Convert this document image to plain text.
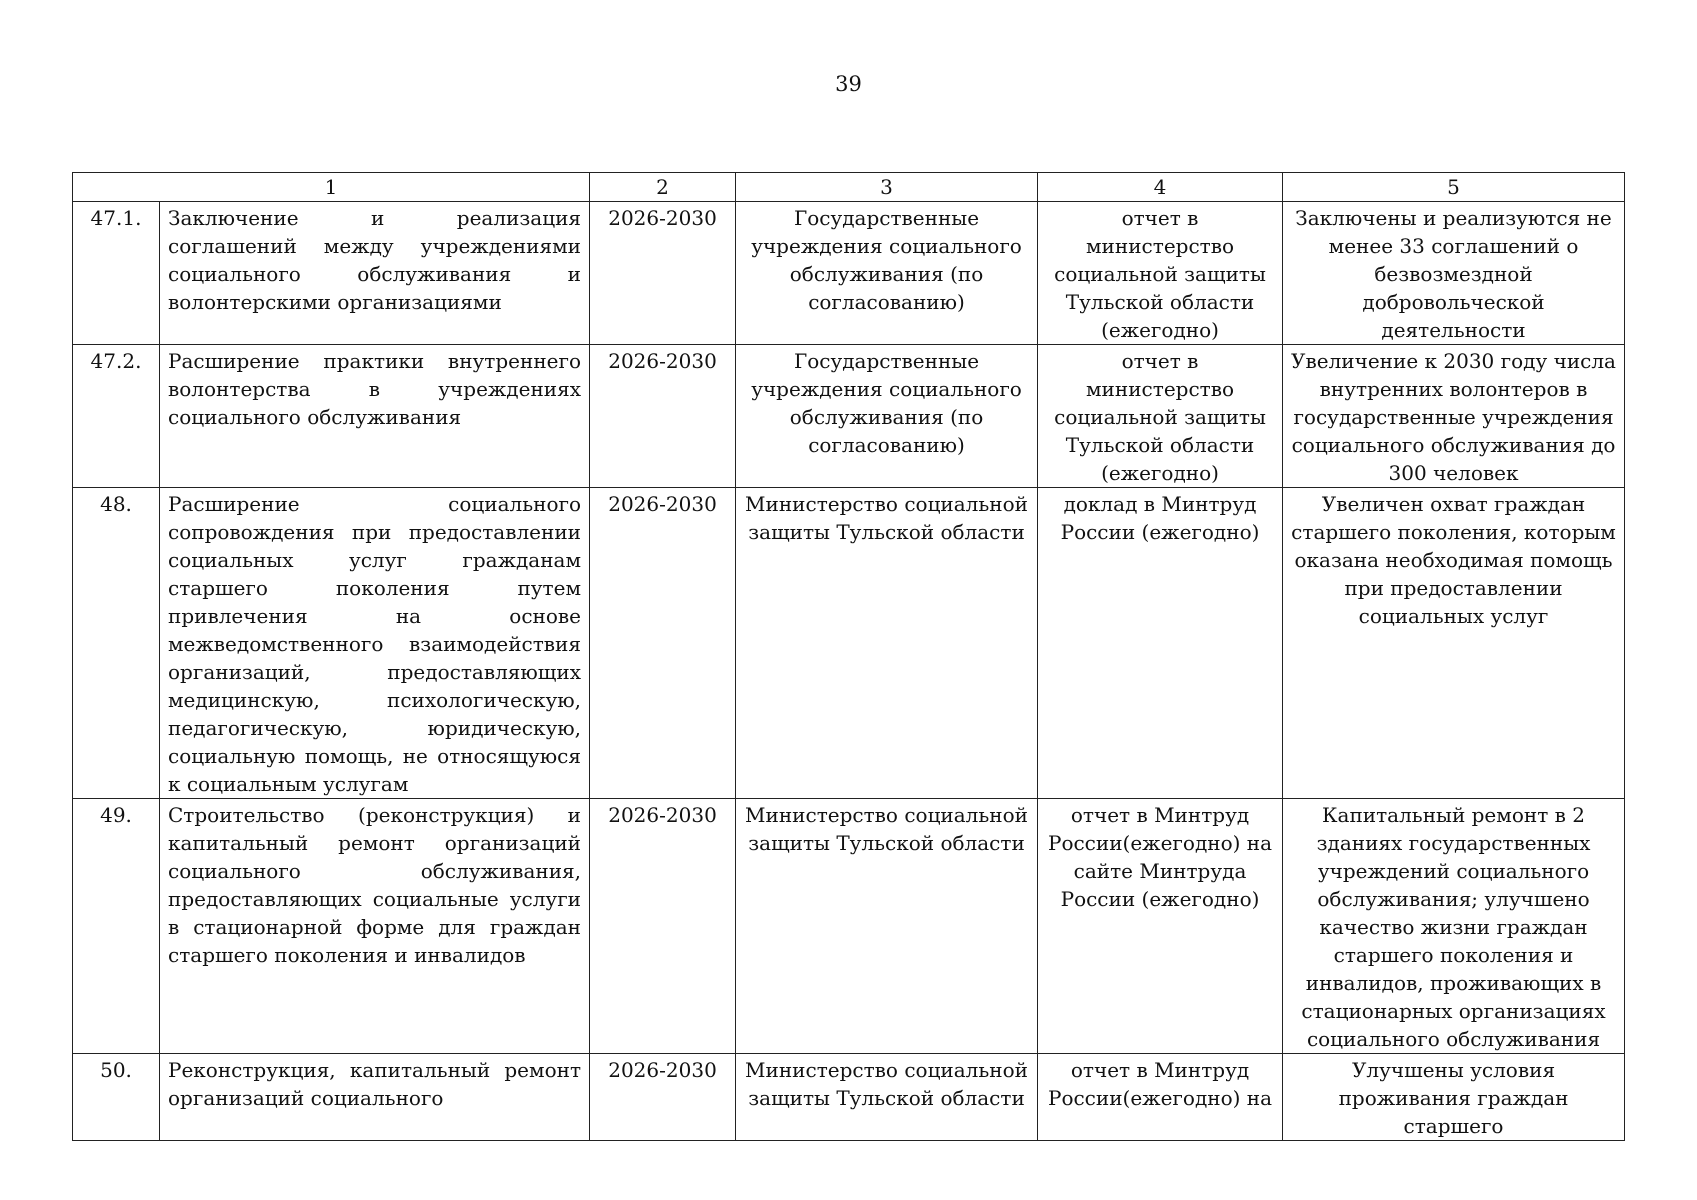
39
1		2	3	4	5
47.1.	Заключение и реализация соглашений между учреждениями социального обслуживания и волонтерскими организациями	2026-2030	Государственные учреждения социального обслуживания (по согласованию)	отчет в министерство социальной защиты Тульской области (ежегодно)	Заключены и реализуются не менее 33 соглашений о безвозмездной добровольческой деятельности
47.2.	Расширение практики внутреннего волонтерства в учреждениях социального обслуживания	2026-2030	Государственные учреждения социального обслуживания (по согласованию)	отчет в министерство социальной защиты Тульской области (ежегодно)	Увеличение к 2030 году числа внутренних волонтеров в государственные учреждения социального обслуживания до 300 человек
48.	Расширение социального сопровождения при предоставлении социальных услуг гражданам старшего поколения путем привлечения на основе межведомственного взаимодействия организаций, предоставляющих медицинскую, психологическую, педагогическую, юридическую, социальную помощь, не относящуюся к социальным услугам	2026-2030	Министерство социальной защиты Тульской области	доклад в Минтруд России (ежегодно)	Увеличен охват граждан старшего поколения, которым оказана необходимая помощь при предоставлении социальных услуг
49.	Строительство (реконструкция) и капитальный ремонт организаций социального обслуживания, предоставляющих социальные услуги в стационарной форме для граждан старшего поколения и инвалидов	2026-2030	Министерство социальной защиты Тульской области	отчет в Минтруд России(ежегодно) на сайте Минтруда России (ежегодно)	Капитальный ремонт в 2 зданиях государственных учреждений социального обслуживания; улучшено качество жизни граждан старшего поколения и инвалидов, проживающих в стационарных организациях социального обслуживания
50.	Реконструкция, капитальный ремонт организаций социального	2026-2030	Министерство социальной защиты Тульской области	отчет в Минтруд России(ежегодно) на	Улучшены условия проживания граждан старшего
